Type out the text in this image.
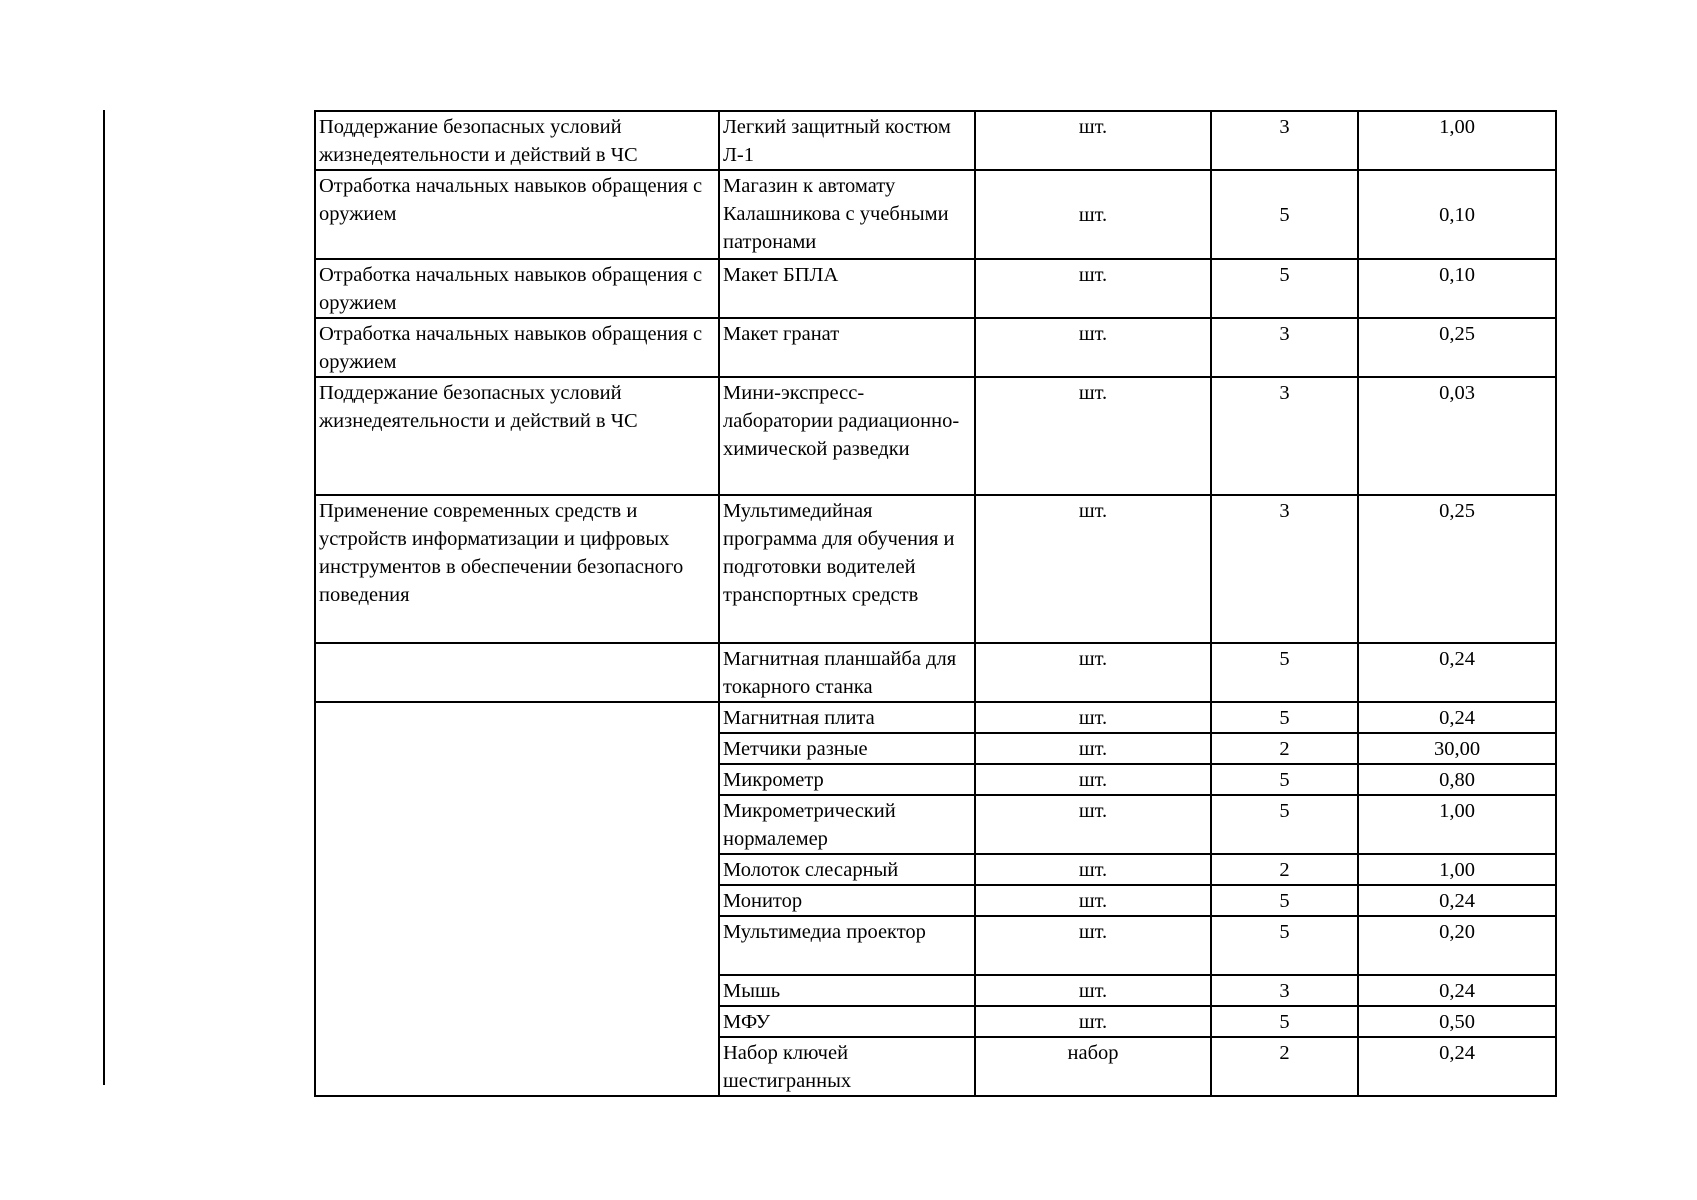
Поддержание безопасных условий жизнедеятельности и действий в ЧС	Легкий защитный костюм Л-1	шт.	3	1,00
Отработка начальных навыков обращения с оружием	Магазин к автомату Калашникова с учебными патронами	шт.	5	0,10
Отработка начальных навыков обращения с оружием	Макет БПЛА	шт.	5	0,10
Отработка начальных навыков обращения с оружием	Макет гранат	шт.	3	0,25
Поддержание безопасных условий жизнедеятельности и действий в ЧС	Мини-экспресс-лаборатории радиационно-химической разведки	шт.	3	0,03
Применение современных средств и устройств информатизации и цифровых инструментов в обеспечении безопасного поведения	Мультимедийная программа для обучения и подготовки водителей транспортных средств	шт.	3	0,25
	Магнитная планшайба для токарного станка	шт.	5	0,24
	Магнитная плита	шт.	5	0,24
	Метчики разные	шт.	2	30,00
	Микрометр	шт.	5	0,80
	Микрометрический нормалемер	шт.	5	1,00
	Молоток слесарный	шт.	2	1,00
	Монитор	шт.	5	0,24
	Мультимедиа проектор	шт.	5	0,20
	Мышь	шт.	3	0,24
	МФУ	шт.	5	0,50
	Набор ключей шестигранных	набор	2	0,24
